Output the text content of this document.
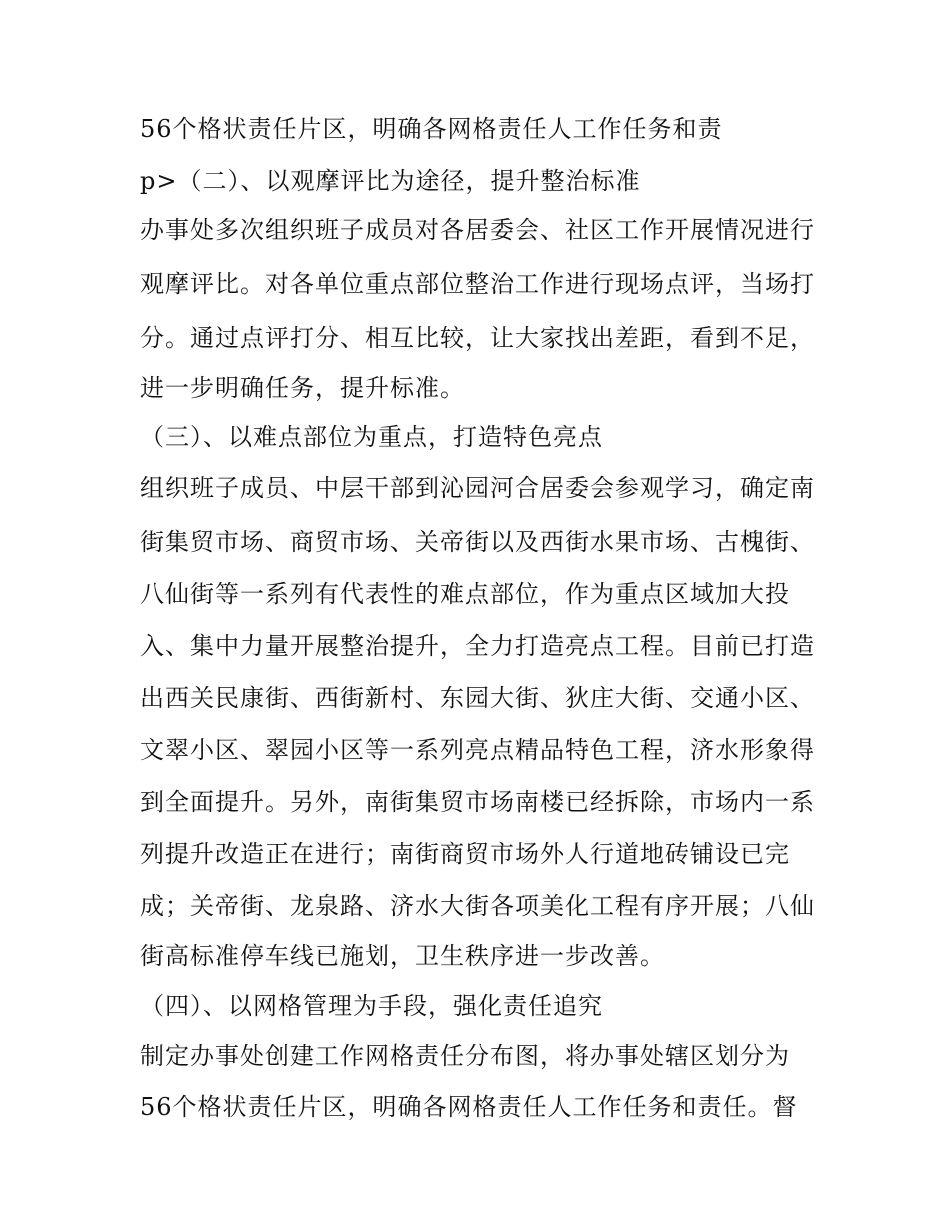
56个格状责任片区，明确各网格责任人工作任务和责
p>（二）、以观摩评比为途径，提升整治标准
办事处多次组织班子成员对各居委会、社区工作开展情况进行
观摩评比。对各单位重点部位整治工作进行现场点评，当场打
分。通过点评打分、相互比较，让大家找出差距，看到不足，
进一步明确任务，提升标准。
（三）、以难点部位为重点，打造特色亮点
组织班子成员、中层干部到沁园河合居委会参观学习，确定南
街集贸市场、商贸市场、关帝街以及西街水果市场、古槐街、
八仙街等一系列有代表性的难点部位，作为重点区域加大投
入、集中力量开展整治提升，全力打造亮点工程。目前已打造
出西关民康街、西街新村、东园大街、狄庄大街、交通小区、
文翠小区、翠园小区等一系列亮点精品特色工程，济水形象得
到全面提升。另外，南街集贸市场南楼已经拆除，市场内一系
列提升改造正在进行；南街商贸市场外人行道地砖铺设已完
成；关帝街、龙泉路、济水大街各项美化工程有序开展；八仙
街高标准停车线已施划，卫生秩序进一步改善。
（四）、以网格管理为手段，强化责任追究
制定办事处创建工作网格责任分布图，将办事处辖区划分为
56个格状责任片区，明确各网格责任人工作任务和责任。督
